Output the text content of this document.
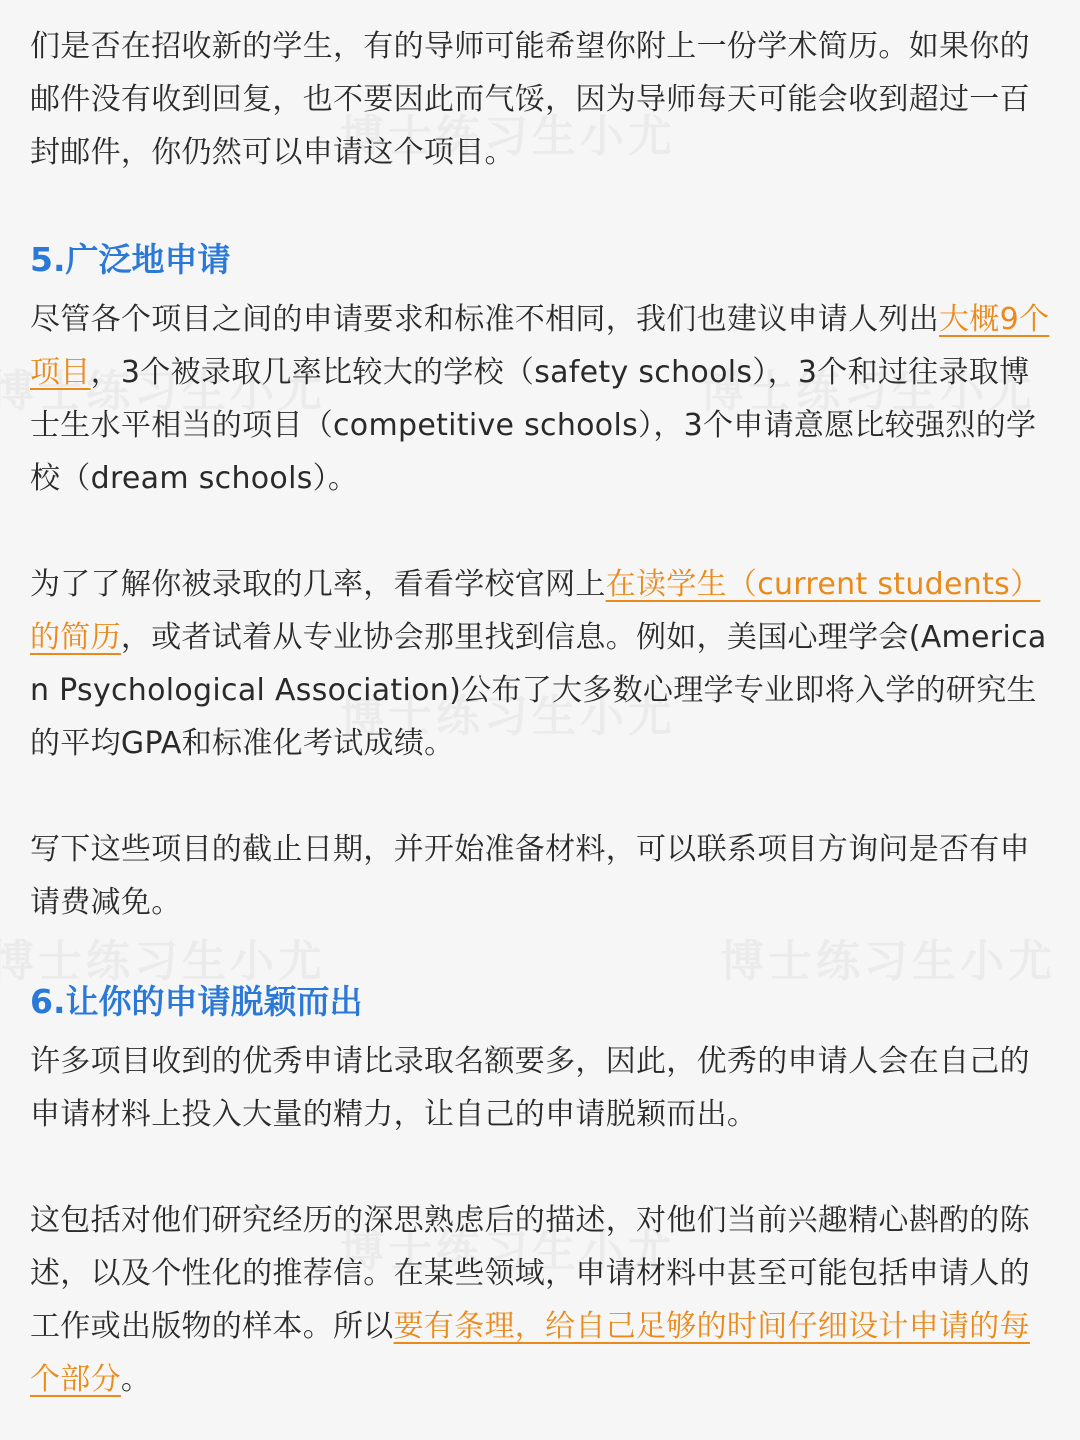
们是否在招收新的学生，有的导师可能希望你附上一份学术简历。如果你的邮件没有收到回复，也不要因此而气馁，因为导师每天可能会收到超过一百封邮件，你仍然可以申请这个项目。

5.广泛地申请

尽管各个项目之间的申请要求和标准不相同，我们也建议申请人列出大概9个项目，3个被录取几率比较大的学校（safety schools），3个和过往录取博士生水平相当的项目（competitive schools），3个申请意愿比较强烈的学校（dream schools）。

为了了解你被录取的几率，看看学校官网上在读学生（current students）的简历，或者试着从专业协会那里找到信息。例如，美国心理学会(American Psychological Association)公布了大多数心理学专业即将入学的研究生的平均GPA和标准化考试成绩。

写下这些项目的截止日期，并开始准备材料，可以联系项目方询问是否有申请费减免。

6.让你的申请脱颖而出

许多项目收到的优秀申请比录取名额要多，因此，优秀的申请人会在自己的申请材料上投入大量的精力，让自己的申请脱颖而出。

这包括对他们研究经历的深思熟虑后的描述，对他们当前兴趣精心斟酌的陈述，以及个性化的推荐信。在某些领域，申请材料中甚至可能包括申请人的工作或出版物的样本。所以要有条理，给自己足够的时间仔细设计申请的每个部分。
